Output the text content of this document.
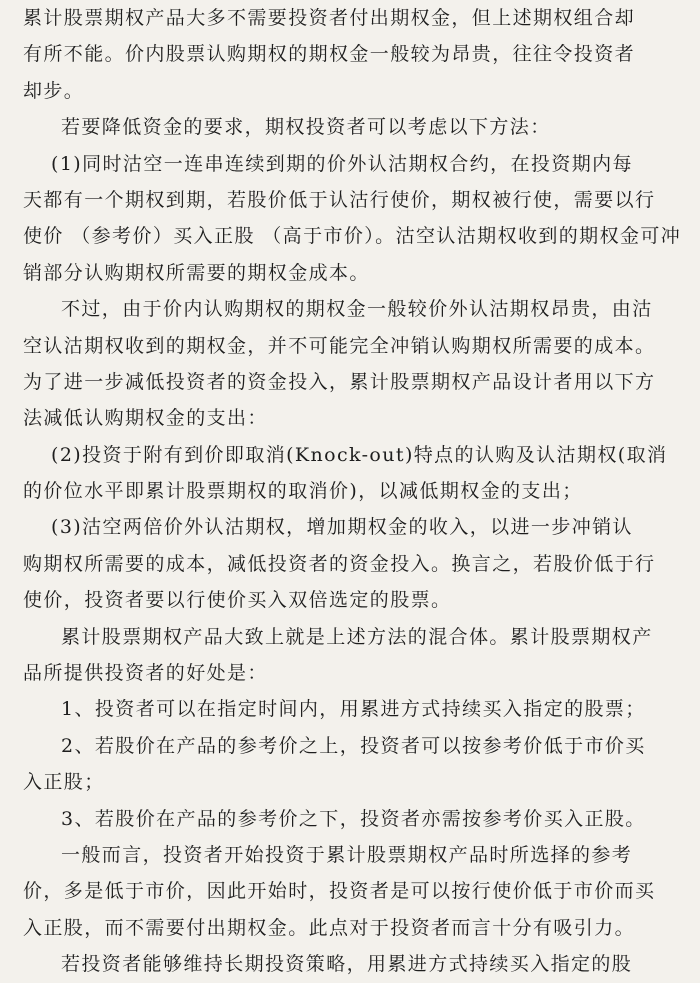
累计股票期权产品大多不需要投资者付出期权金，但上述期权组合却
有所不能。价内股票认购期权的期权金一般较为昂贵，往往令投资者
却步。
若要降低资金的要求，期权投资者可以考虑以下方法：
(1)同时沽空一连串连续到期的价外认沽期权合约，在投资期内每
天都有一个期权到期，若股价低于认沽行使价，期权被行使，需要以行
使价 （参考价）买入正股 （高于市价）。沽空认沽期权收到的期权金可冲
销部分认购期权所需要的期权金成本。
不过，由于价内认购期权的期权金一般较价外认沽期权昂贵，由沽
空认沽期权收到的期权金，并不可能完全冲销认购期权所需要的成本。
为了进一步减低投资者的资金投入，累计股票期权产品设计者用以下方
法减低认购期权金的支出：
(2)投资于附有到价即取消(Knock-out)特点的认购及认沽期权(取消
的价位水平即累计股票期权的取消价)，以减低期权金的支出；
(3)沽空两倍价外认沽期权，增加期权金的收入，以进一步冲销认
购期权所需要的成本，减低投资者的资金投入。换言之，若股价低于行
使价，投资者要以行使价买入双倍选定的股票。
累计股票期权产品大致上就是上述方法的混合体。累计股票期权产
品所提供投资者的好处是：
1、投资者可以在指定时间内，用累进方式持续买入指定的股票；
2、若股价在产品的参考价之上，投资者可以按参考价低于市价买
入正股；
3、若股价在产品的参考价之下，投资者亦需按参考价买入正股。
一般而言，投资者开始投资于累计股票期权产品时所选择的参考
价，多是低于市价，因此开始时，投资者是可以按行使价低于市价而买
入正股，而不需要付出期权金。此点对于投资者而言十分有吸引力。
若投资者能够维持长期投资策略，用累进方式持续买入指定的股
